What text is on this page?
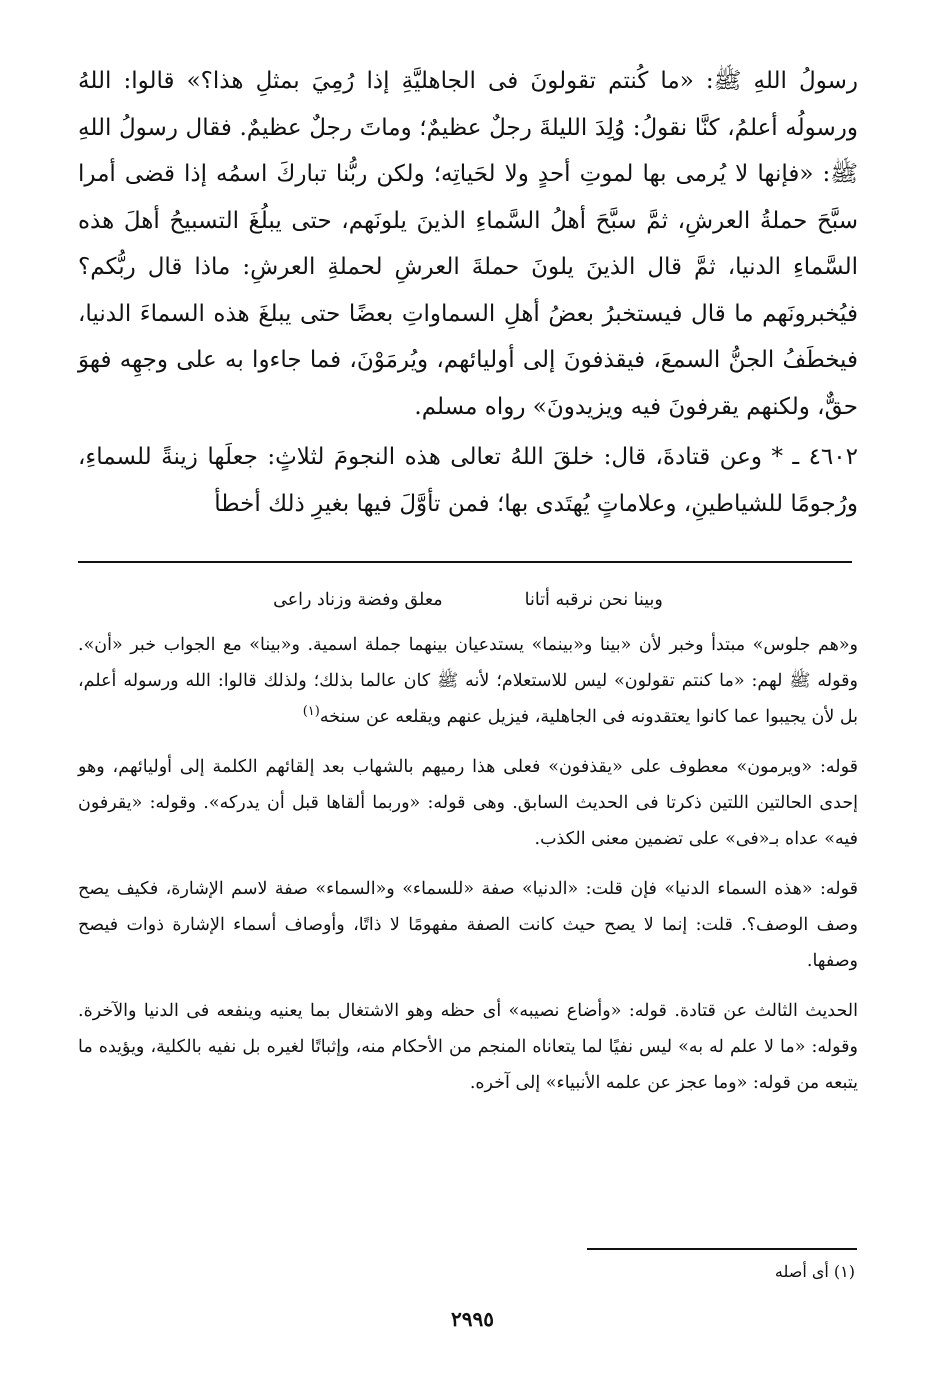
رسولُ اللهِ ﷺ: «ما كُنتم تقولونَ فى الجاهليَّةِ إذا رُمِيَ بمثلِ هذا؟» قالوا: اللهُ ورسولُه أعلمُ، كنَّا نقولُ: وُلِدَ الليلةَ رجلٌ عظيمٌ؛ وماتَ رجلٌ عظيمٌ. فقال رسولُ اللهِ ﷺ: «فإنها لا يُرمى بها لموتِ أحدٍ ولا لحَياتِه؛ ولكن ربُّنا تباركَ اسمُه إذا قضى أمرا سبَّحَ حملةُ العرشِ، ثمَّ سبَّحَ أهلُ السَّماءِ الذينَ يلونَهم، حتى يبلُغَ التسبيحُ أهلَ هذه السَّماءِ الدنيا، ثمَّ قال الذينَ يلونَ حملةَ العرشِ لحملةِ العرشِ: ماذا قال ربُّكم؟ فيُخبرونَهم ما قال فيستخبرُ بعضُ أهلِ السماواتِ بعضًا حتى يبلغَ هذه السماءَ الدنيا، فيخطَفُ الجنُّ السمعَ، فيقذفونَ إلى أوليائهم، ويُرمَوْنَ، فما جاءوا به على وجهِه فهوَ حقٌّ، ولكنهم يقرفونَ فيه ويزيدونَ» رواه مسلم.

٤٦٠٢ ـ * وعن قتادةَ، قال: خلقَ اللهُ تعالى هذه النجومَ لثلاثٍ: جعلَها زينةً للسماءِ، ورُجومًا للشياطينِ، وعلاماتٍ يُهتَدى بها؛ فمن تأوَّلَ فيها بغيرِ ذلك أخطأ

وبينا نحن نرقبه أتانا
معلق وفضة وزناد راعى

و«هم جلوس» مبتدأ وخبر لأن «بينا و«بينما» يستدعيان بينهما جملة اسمية. و«بينا» مع الجواب خبر «أن». وقوله ﷺ لهم: «ما كنتم تقولون» ليس للاستعلام؛ لأنه ﷺ كان عالما بذلك؛ ولذلك قالوا: الله ورسوله أعلم، بل لأن يجيبوا عما كانوا يعتقدونه فى الجاهلية، فيزيل عنهم ويقلعه عن سنخه$^{(١)}$

قوله: «ويرمون» معطوف على «يقذفون» فعلى هذا رميهم بالشهاب بعد إلقائهم الكلمة إلى أوليائهم، وهو إحدى الحالتين اللتين ذكرتا فى الحديث السابق. وهى قوله: «وربما ألقاها قبل أن يدركه». وقوله: «يقرفون فيه» عداه بـ«فى» على تضمين معنى الكذب.

قوله: «هذه السماء الدنيا» فإن قلت: «الدنيا» صفة «للسماء» و«السماء» صفة لاسم الإشارة، فكيف يصح وصف الوصف؟. قلت: إنما لا يصح حيث كانت الصفة مفهومًا لا ذاتًا، وأوصاف أسماء الإشارة ذوات فيصح وصفها.

الحديث الثالث عن قتادة. قوله: «وأضاع نصيبه» أى حظه وهو الاشتغال بما يعنيه وينفعه فى الدنيا والآخرة. وقوله: «ما لا علم له به» ليس نفيًا لما يتعاناه المنجم من الأحكام منه، وإثباتًا لغيره بل نفيه بالكلية، ويؤيده ما يتبعه من قوله: «وما عجز عن علمه الأنبياء» إلى آخره.

(١) أى أصله
٢٩٩٥
